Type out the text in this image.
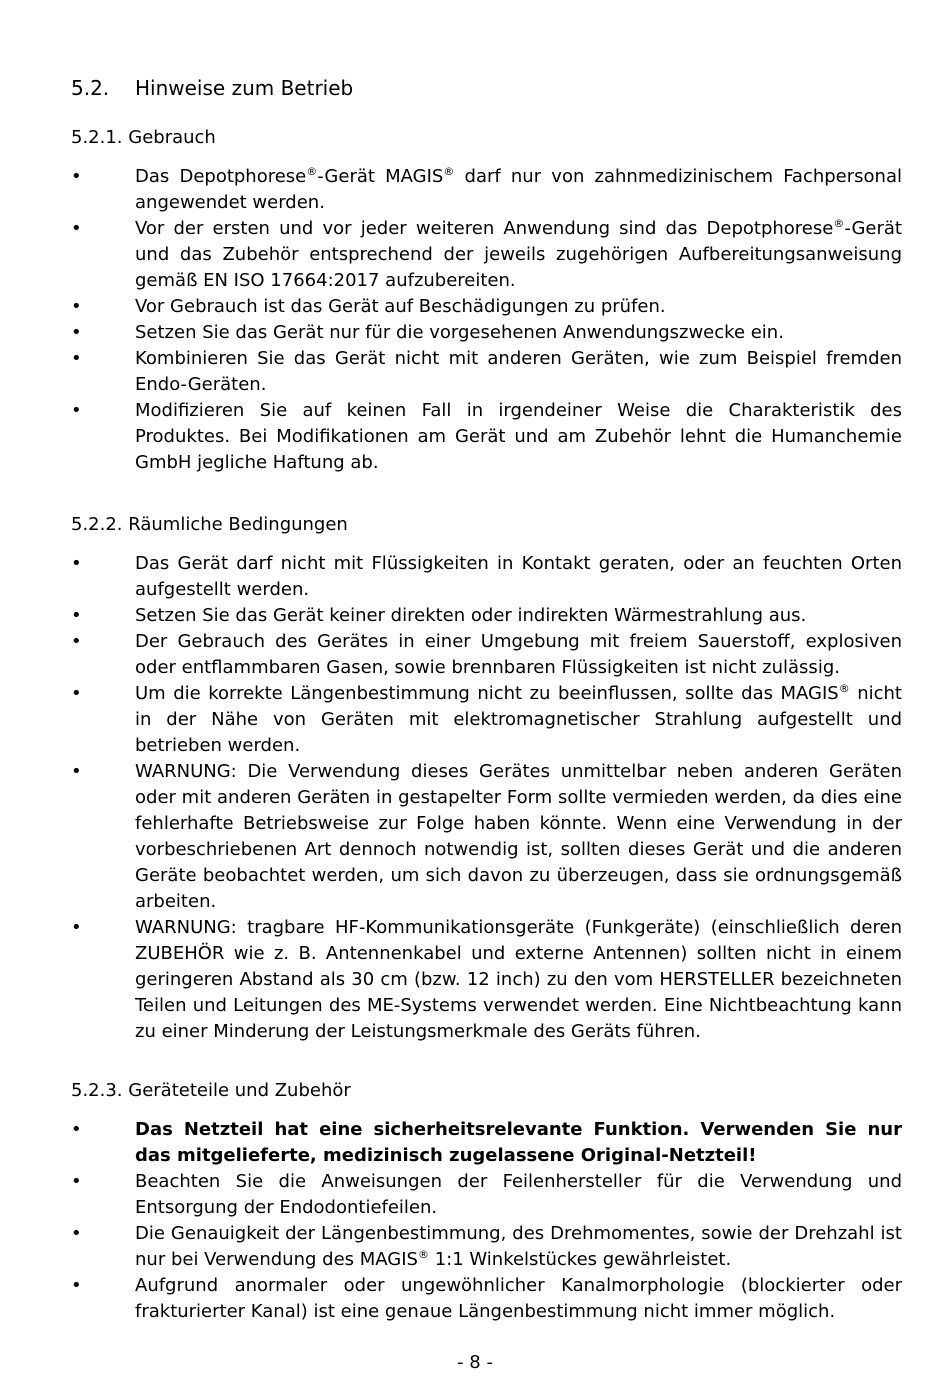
5.2. Hinweise zum Betrieb
5.2.1. Gebrauch
•	Das Depotphorese®-Gerät MAGIS® darf nur von zahnmedizinischem Fachpersonal angewendet werden.
•	Vor der ersten und vor jeder weiteren Anwendung sind das Depotphorese®-Gerät und das Zubehör entsprechend der jeweils zugehörigen Aufbereitungsanweisung gemäß EN ISO 17664:2017 aufzubereiten.
•	Vor Gebrauch ist das Gerät auf Beschädigungen zu prüfen.
•	Setzen Sie das Gerät nur für die vorgesehenen Anwendungszwecke ein.
•	Kombinieren Sie das Gerät nicht mit anderen Geräten, wie zum Beispiel fremden Endo-Geräten.
•	Modifizieren Sie auf keinen Fall in irgendeiner Weise die Charakteristik des Produktes. Bei Modifikationen am Gerät und am Zubehör lehnt die Humanchemie GmbH jegliche Haftung ab.
5.2.2. Räumliche Bedingungen
•	Das Gerät darf nicht mit Flüssigkeiten in Kontakt geraten, oder an feuchten Orten aufgestellt werden.
•	Setzen Sie das Gerät keiner direkten oder indirekten Wärmestrahlung aus.
•	Der Gebrauch des Gerätes in einer Umgebung mit freiem Sauerstoff, explosiven oder entflammbaren Gasen, sowie brennbaren Flüssigkeiten ist nicht zulässig.
•	Um die korrekte Längenbestimmung nicht zu beeinflussen, sollte das MAGIS® nicht in der Nähe von Geräten mit elektromagnetischer Strahlung aufgestellt und betrieben werden.
•	WARNUNG: Die Verwendung dieses Gerätes unmittelbar neben anderen Geräten oder mit anderen Geräten in gestapelter Form sollte vermieden werden, da dies eine fehlerhafte Betriebsweise zur Folge haben könnte. Wenn eine Verwendung in der vorbeschriebenen Art dennoch notwendig ist, sollten dieses Gerät und die anderen Geräte beobachtet werden, um sich davon zu überzeugen, dass sie ordnungsgemäß arbeiten.
•	WARNUNG: tragbare HF-Kommunikationsgeräte (Funkgeräte) (einschließlich deren ZUBEHÖR wie z. B. Antennenkabel und externe Antennen) sollten nicht in einem geringeren Abstand als 30 cm (bzw. 12 inch) zu den vom HERSTELLER bezeichneten Teilen und Leitungen des ME-Systems verwendet werden. Eine Nichtbeachtung kann zu einer Minderung der Leistungsmerkmale des Geräts führen.
5.2.3. Geräteteile und Zubehör
•	Das Netzteil hat eine sicherheitsrelevante Funktion. Verwenden Sie nur das mitgelieferte, medizinisch zugelassene Original-Netzteil!
•	Beachten Sie die Anweisungen der Feilenhersteller für die Verwendung und Entsorgung der Endodontiefeilen.
•	Die Genauigkeit der Längenbestimmung, des Drehmomentes, sowie der Drehzahl ist nur bei Verwendung des MAGIS® 1:1 Winkelstückes gewährleistet.
•	Aufgrund anormaler oder ungewöhnlicher Kanalmorphologie (blockierter oder frakturierter Kanal) ist eine genaue Längenbestimmung nicht immer möglich.
- 8 -
